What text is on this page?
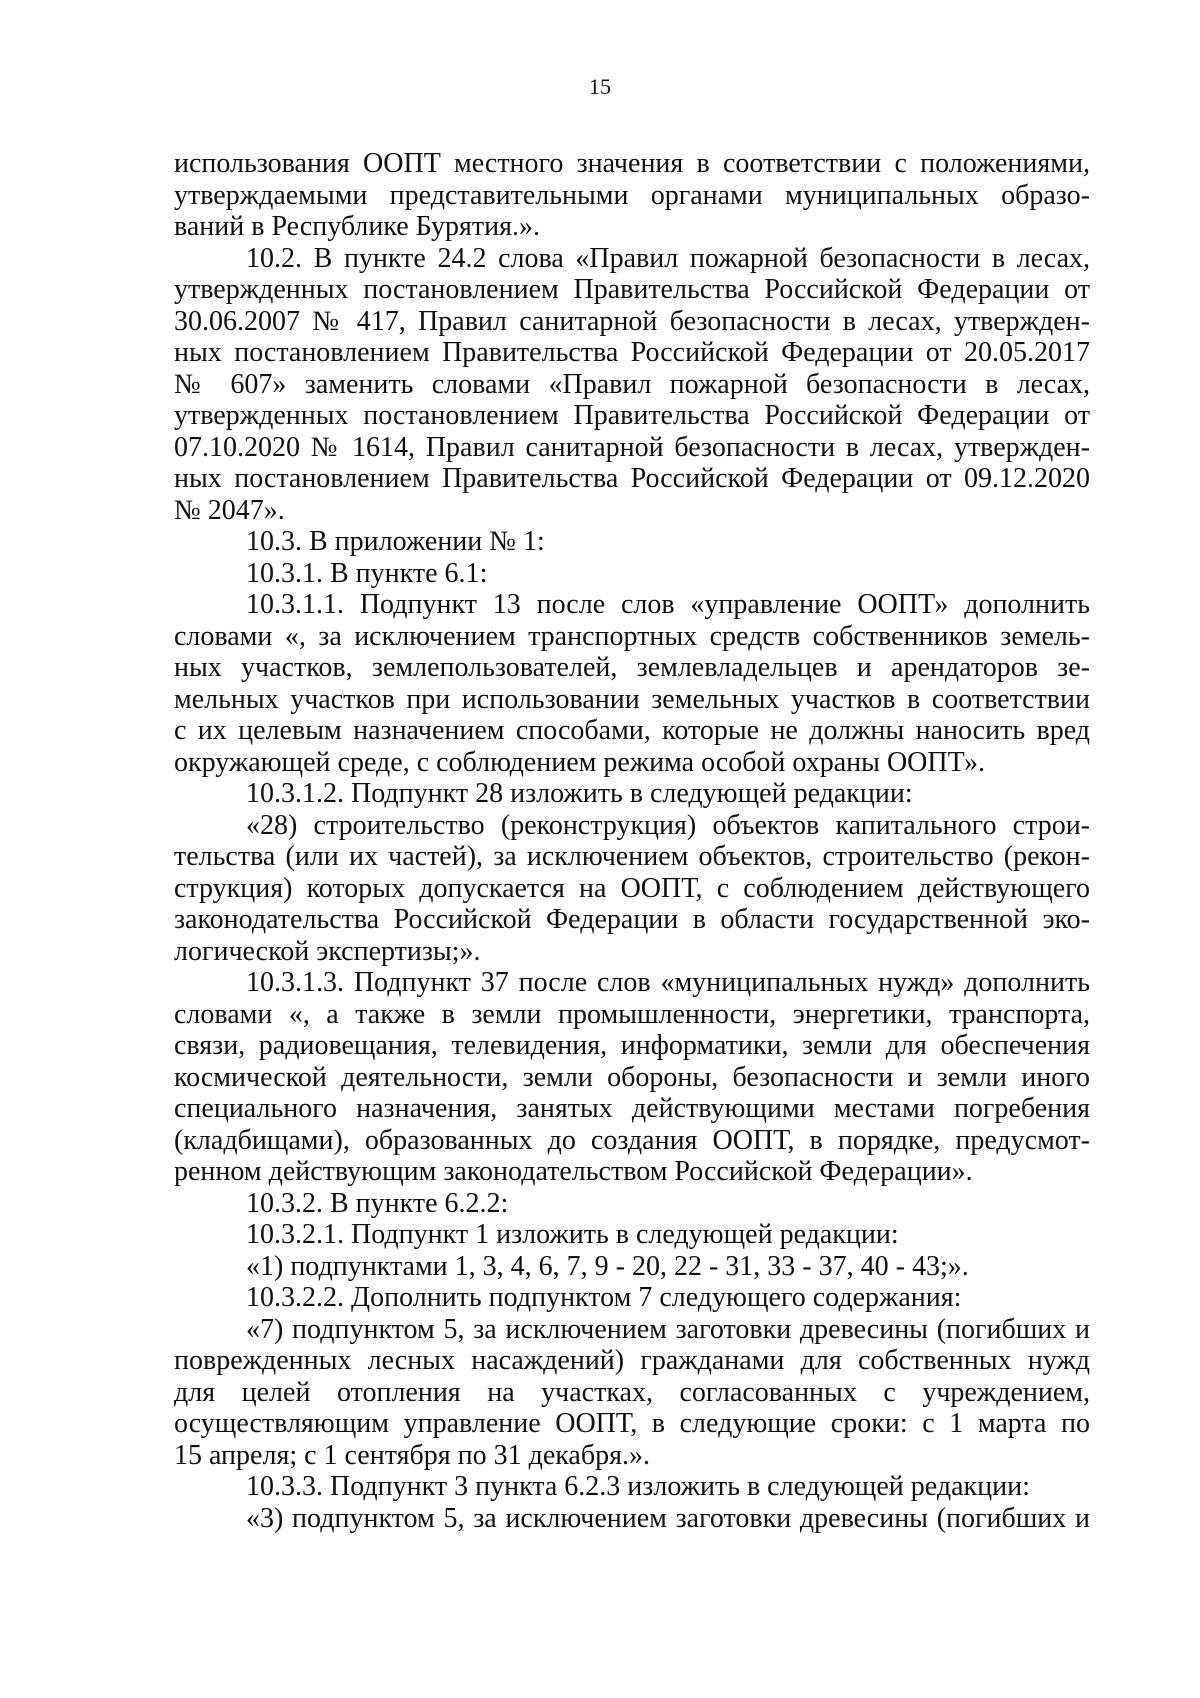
15
использования ООПТ местного значения в соответствии с положениями,
утверждаемыми представительными органами муниципальных образо-
ваний в Республике Бурятия.».
10.2. В пункте 24.2 слова «Правил пожарной безопасности в лесах,
утвержденных постановлением Правительства Российской Федерации от
30.06.2007 № 417, Правил санитарной безопасности в лесах, утвержден-
ных постановлением Правительства Российской Федерации от 20.05.2017
№ 607» заменить словами «Правил пожарной безопасности в лесах,
утвержденных постановлением Правительства Российской Федерации от
07.10.2020 № 1614, Правил санитарной безопасности в лесах, утвержден-
ных постановлением Правительства Российской Федерации от 09.12.2020
№ 2047».
10.3. В приложении № 1:
10.3.1. В пункте 6.1:
10.3.1.1. Подпункт 13 после слов «управление ООПТ» дополнить
словами «, за исключением транспортных средств собственников земель-
ных участков, землепользователей, землевладельцев и арендаторов зе-
мельных участков при использовании земельных участков в соответствии
с их целевым назначением способами, которые не должны наносить вред
окружающей среде, с соблюдением режима особой охраны ООПТ».
10.3.1.2. Подпункт 28 изложить в следующей редакции:
«28) строительство (реконструкция) объектов капитального строи-
тельства (или их частей), за исключением объектов, строительство (рекон-
струкция) которых допускается на ООПТ, с соблюдением действующего
законодательства Российской Федерации в области государственной эко-
логической экспертизы;».
10.3.1.3. Подпункт 37 после слов «муниципальных нужд» дополнить
словами «, а также в земли промышленности, энергетики, транспорта,
связи, радиовещания, телевидения, информатики, земли для обеспечения
космической деятельности, земли обороны, безопасности и земли иного
специального назначения, занятых действующими местами погребения
(кладбищами), образованных до создания ООПТ, в порядке, предусмот-
ренном действующим законодательством Российской Федерации».
10.3.2. В пункте 6.2.2:
10.3.2.1. Подпункт 1 изложить в следующей редакции:
«1) подпунктами 1, 3, 4, 6, 7, 9 - 20, 22 - 31, 33 - 37, 40 - 43;».
10.3.2.2. Дополнить подпунктом 7 следующего содержания:
«7) подпунктом 5, за исключением заготовки древесины (погибших и
поврежденных лесных насаждений) гражданами для собственных нужд
для целей отопления на участках, согласованных с учреждением,
осуществляющим управление ООПТ, в следующие сроки: с 1 марта по
15 апреля; с 1 сентября по 31 декабря.».
10.3.3. Подпункт 3 пункта 6.2.3 изложить в следующей редакции:
«3) подпунктом 5, за исключением заготовки древесины (погибших и
